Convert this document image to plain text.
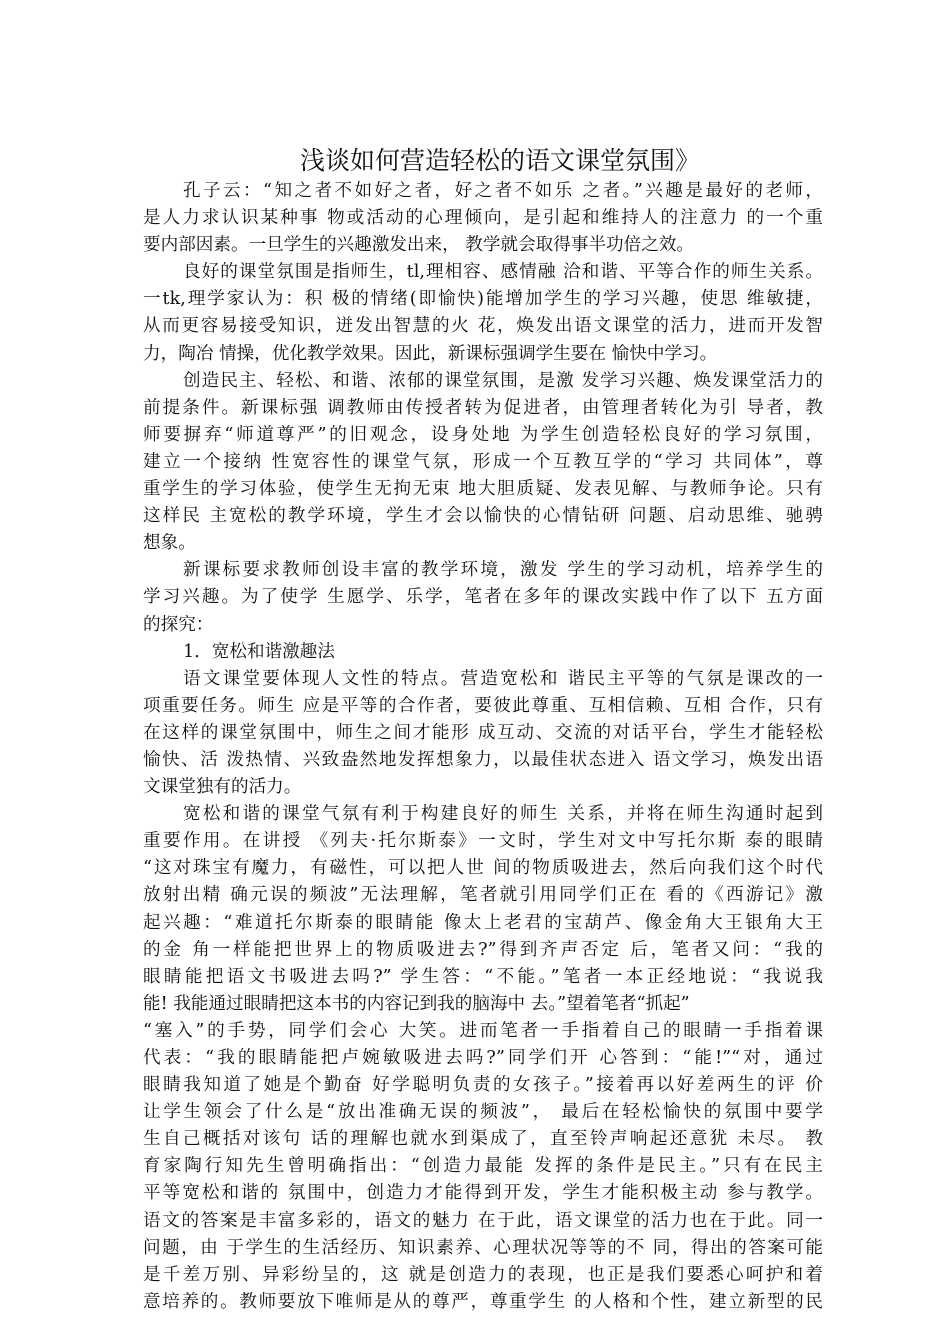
浅谈如何营造轻松的语文课堂氛围》
孔子云：“知之者不如好之者，好之者不如乐 之者。”兴趣是最好的老师，
是人力求认识某种事 物或活动的心理倾向，是引起和维持人的注意力 的一个重
要内部因素。一旦学生的兴趣激发出来， 教学就会取得事半功倍之效。
良好的课堂氛围是指师生，tl,理相容、感情融 洽和谐、平等合作的师生关系。
一tk,理学家认为：积 极的情绪(即愉快)能增加学生的学习兴趣，使思 维敏捷，
从而更容易接受知识，迸发出智慧的火 花，焕发出语文课堂的活力，进而开发智
力，陶冶 情操，优化教学效果。因此，新课标强调学生要在 愉快中学习。
创造民主、轻松、和谐、浓郁的课堂氛围，是激 发学习兴趣、焕发课堂活力的
前提条件。新课标强 调教师由传授者转为促进者，由管理者转化为引 导者，教
师要摒弃“师道尊严”的旧观念，设身处地 为学生创造轻松良好的学习氛围，
建立一个接纳 性宽容性的课堂气氛，形成一个互教互学的“学习 共同体”，尊
重学生的学习体验，使学生无拘无束 地大胆质疑、发表见解、与教师争论。只有
这样民 主宽松的教学环境，学生才会以愉快的心情钻研 问题、启动思维、驰骋
想象。
新课标要求教师创设丰富的教学环境，激发 学生的学习动机，培养学生的
学习兴趣。为了使学 生愿学、乐学，笔者在多年的课改实践中作了以下 五方面
的探究：
1．宽松和谐激趣法
语文课堂要体现人文性的特点。营造宽松和 谐民主平等的气氛是课改的一
项重要任务。师生 应是平等的合作者，要彼此尊重、互相信赖、互相 合作，只有
在这样的课堂氛围中，师生之间才能形 成互动、交流的对话平台，学生才能轻松
愉快、活 泼热情、兴致盎然地发挥想象力，以最佳状态进入 语文学习，焕发出语
文课堂独有的活力。
宽松和谐的课堂气氛有利于构建良好的师生 关系，并将在师生沟通时起到
重要作用。在讲授 《列夫·托尔斯泰》一文时，学生对文中写托尔斯 泰的眼睛
“这对珠宝有魔力，有磁性，可以把人世 间的物质吸进去，然后向我们这个时代
放射出精 确元误的频波”无法理解，笔者就引用同学们正在 看的《西游记》激
起兴趣：“难道托尔斯泰的眼睛能 像太上老君的宝葫芦、像金角大王银角大王
的金 角一样能把世界上的物质吸进去?”得到齐声否定 后，笔者又问：“我的
眼睛能把语文书吸进去吗?” 学生答：“不能。”笔者一本正经地说：“我说我
能! 我能通过眼睛把这本书的内容记到我的脑海中 去。”望着笔者“抓起”
“塞入”的手势，同学们会心 大笑。进而笔者一手指着自己的眼睛一手指着课
代表：“我的眼睛能把卢婉敏吸进去吗?”同学们开 心答到：“能!”“对，通过
眼睛我知道了她是个勤奋 好学聪明负责的女孩子。”接着再以好差两生的评 价
让学生领会了什么是“放出准确无误的频波”， 最后在轻松愉快的氛围中要学
生自己概括对该句 话的理解也就水到渠成了，直至铃声响起还意犹 未尽。 教
育家陶行知先生曾明确指出：“创造力最能 发挥的条件是民主。”只有在民主
平等宽松和谐的 氛围中，创造力才能得到开发，学生才能积极主动 参与教学。
语文的答案是丰富多彩的，语文的魅力 在于此，语文课堂的活力也在于此。同一
问题，由 于学生的生活经历、知识素养、心理状况等等的不 同，得出的答案可能
是千差万别、异彩纷呈的，这 就是创造力的表现，也正是我们要悉心呵护和着
意培养的。教师要放下唯师是从的尊严，尊重学生 的人格和个性，建立新型的民
